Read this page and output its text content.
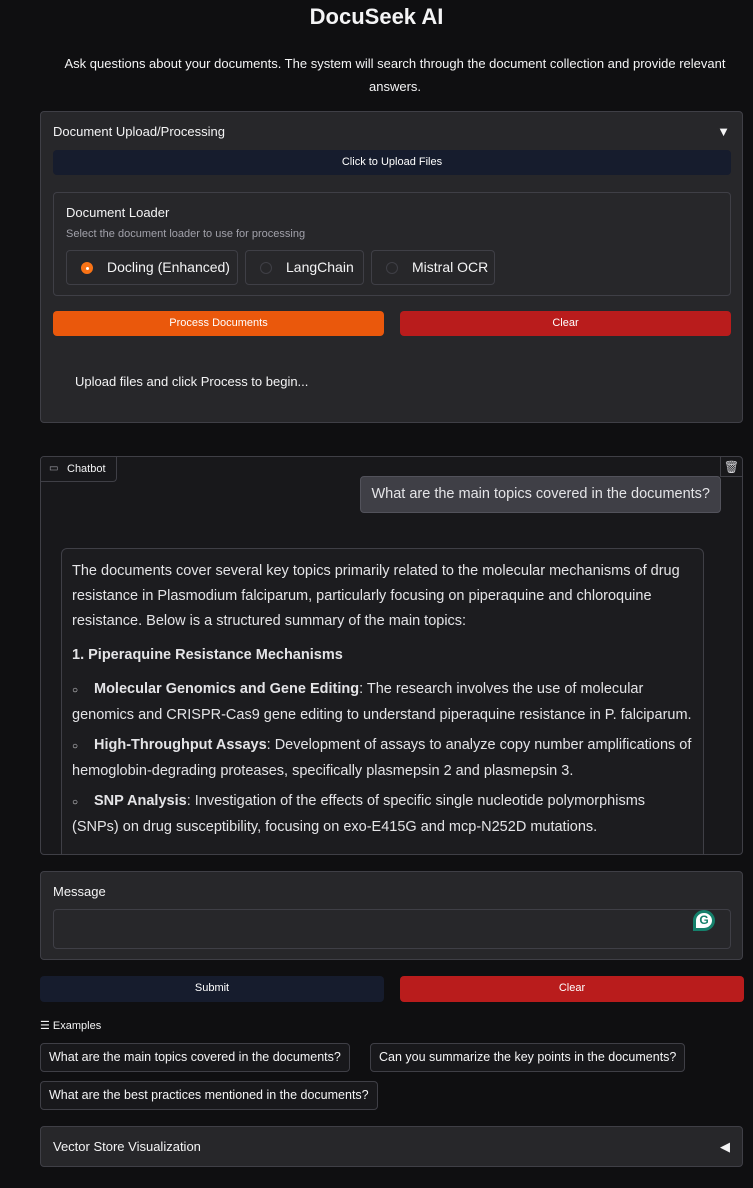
DocuSeek AI
Ask questions about your documents. The system will search through the document collection and provide relevant answers.
Document Upload/Processing	▼
Click to Upload Files
Document Loader
Select the document loader to use for processing
Docling (Enhanced)	LangChain	Mistral OCR
Process Documents	Clear
Upload files and click Process to begin...
▭ Chatbot	🗑
What are the main topics covered in the documents?

The documents cover several key topics primarily related to the molecular mechanisms of drug resistance in Plasmodium falciparum, particularly focusing on piperaquine and chloroquine resistance. Below is a structured summary of the main topics:

1. Piperaquine Resistance Mechanisms

○ Molecular Genomics and Gene Editing: The research involves the use of molecular genomics and CRISPR-Cas9 gene editing to understand piperaquine resistance in P. falciparum.
○ High-Throughput Assays: Development of assays to analyze copy number amplifications of hemoglobin-degrading proteases, specifically plasmepsin 2 and plasmepsin 3.
○ SNP Analysis: Investigation of the effects of specific single nucleotide polymorphisms (SNPs) on drug susceptibility, focusing on exo-E415G and mcp-N252D mutations.
Message
G
Submit	Clear
☰ Examples
What are the main topics covered in the documents?	Can you summarize the key points in the documents?
What are the best practices mentioned in the documents?
Vector Store Visualization	◀
